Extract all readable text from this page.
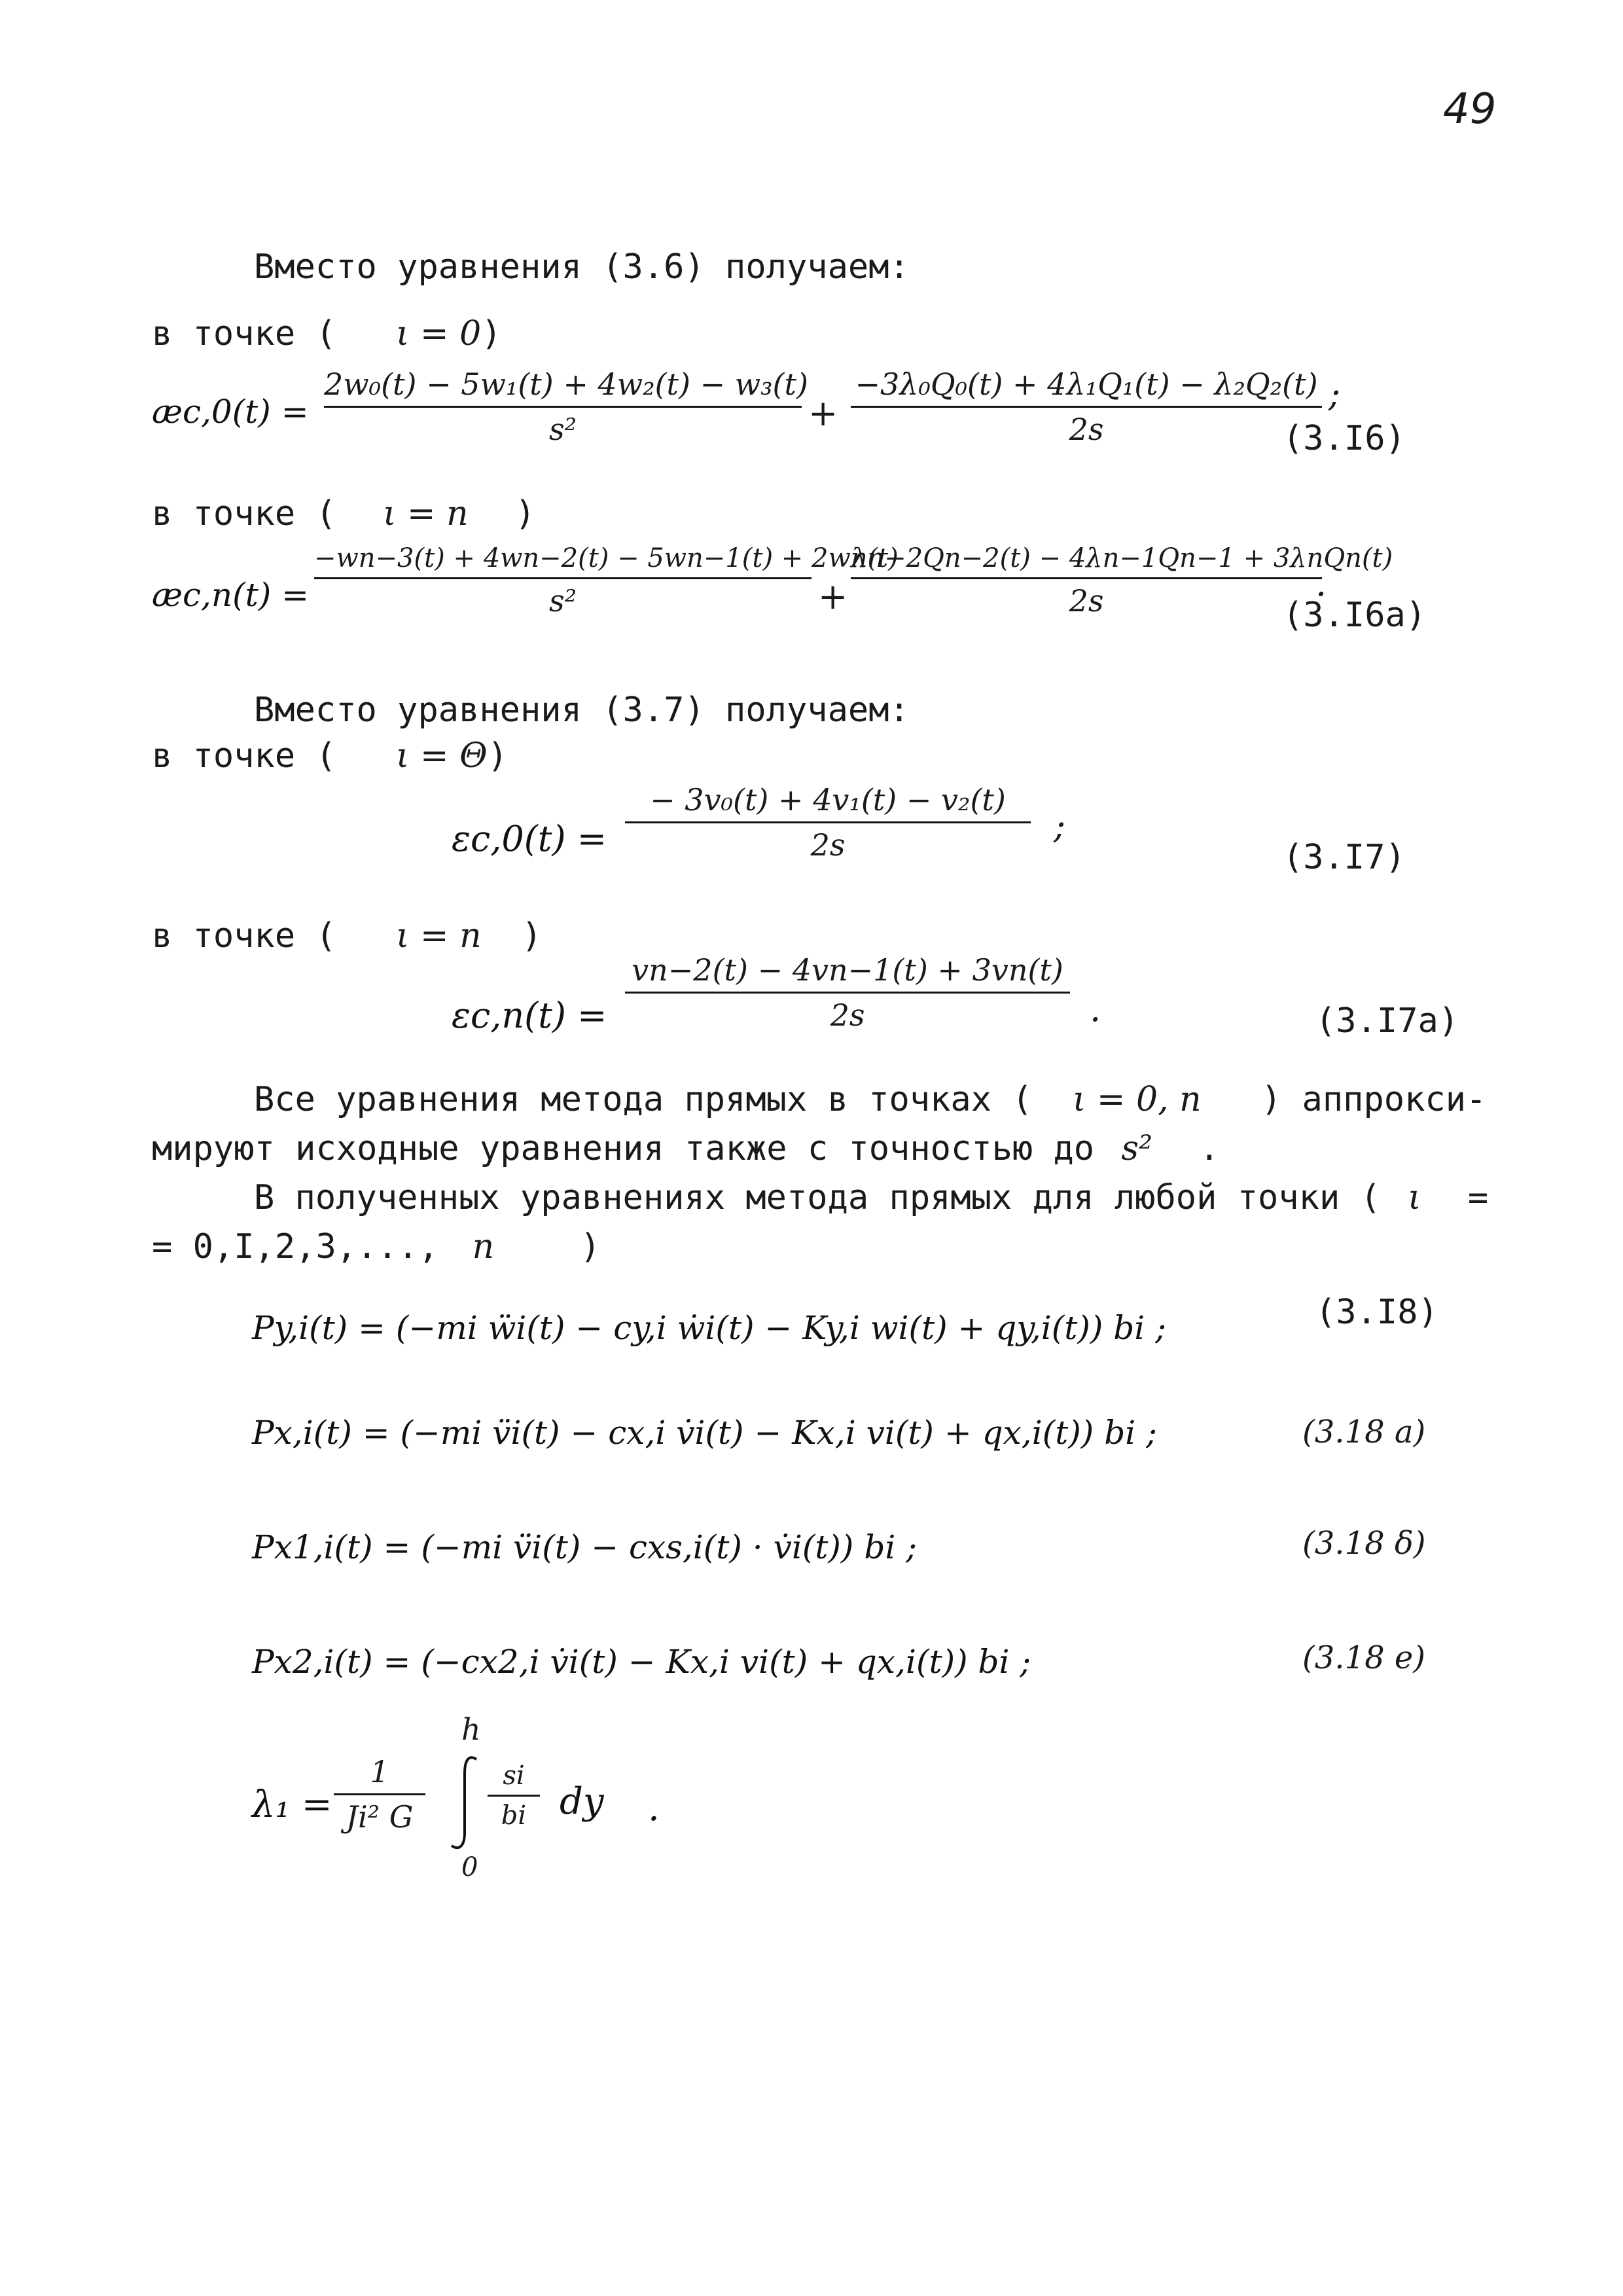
49
Вместо уравнения (3.6) получаем:
в точке ( ι = 0)
æc,0(t) =
2w₀(t) − 5w₁(t) + 4w₂(t) − w₃(t)
s²	+
−3λ₀Q₀(t) + 4λ₁Q₁(t) − λ₂Q₂(t)
2s
;
(3.I6)
в точке ( ι = n )
æc,n(t) =
−wn−3(t) + 4wn−2(t) − 5wn−1(t) + 2wn(t)
s²	+
λn−2Qn−2(t) − 4λn−1Qn−1 + 3λnQn(t)
2s	.
(3.I6a)
Вместо уравнения (3.7) получаем:
в точке ( ι = Θ)
εc,0(t) =
− 3v₀(t) + 4v₁(t) − v₂(t)
2s	;
(3.I7)
в точке ( ι = n )
εc,n(t) =
vn−2(t) − 4vn−1(t) + 3vn(t)
2s	.	(3.I7a)
Все уравнения метода прямых в точках ( ι = 0, n ) аппрокси-
мируют исходные уравнения также с точностью до s² .
В полученных уравнениях метода прямых для любой точки ( ι =
= 0,I,2,3,..., n	)
Py,i(t) = (−mi ẅi(t) − cy,i ẇi(t) − Ky,i wi(t) + qy,i(t)) bi ;	(3.I8)
Px,i(t) = (−mi v̈i(t) − cx,i v̇i(t) − Kx,i vi(t) + qx,i(t)) bi ;	(3.18 a)
Px1,i(t) = (−mi v̈i(t) − cxs,i(t) · v̇i(t)) bi ;	(3.18 δ)
Px2,i(t) = (−cx2,i v̇i(t) − Kx,i vi(t) + qx,i(t)) bi ;	(3.18 e)
λ₁ =
1
Ji² G
h
0
si
bi dy .
